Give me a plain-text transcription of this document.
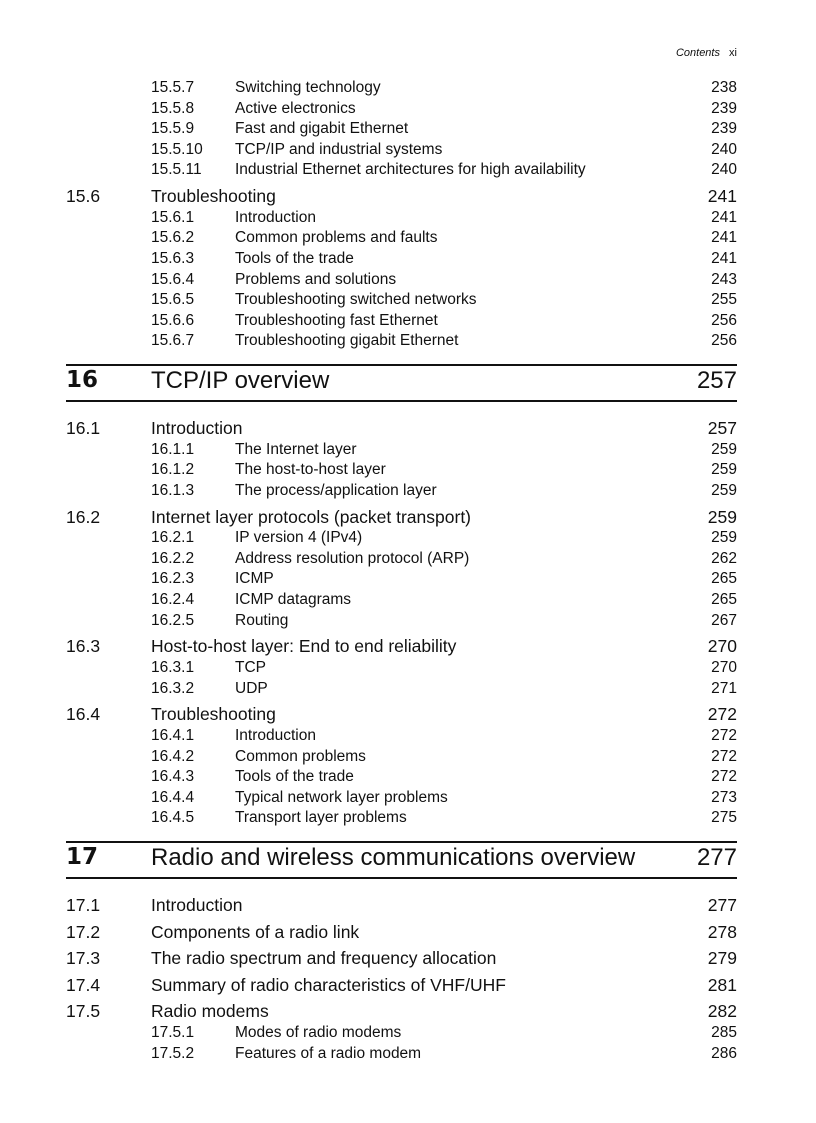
Contents xi
15.5.7	Switching technology	238
15.5.8	Active electronics	239
15.5.9	Fast and gigabit Ethernet	239
15.5.10 TCP/IP and industrial systems	240
15.5.11 Industrial Ethernet architectures for high availability	240
15.6	Troubleshooting	241
15.6.1	Introduction	241
15.6.2	Common problems and faults	241
15.6.3	Tools of the trade	241
15.6.4	Problems and solutions	243
15.6.5	Troubleshooting switched networks	255
15.6.6	Troubleshooting fast Ethernet	256
15.6.7	Troubleshooting gigabit Ethernet	256
16 TCP/IP overview	257
16.1	Introduction	257
16.1.1	The Internet layer	259
16.1.2	The host-to-host layer	259
16.1.3	The process/application layer	259
16.2	Internet layer protocols (packet transport)	259
16.2.1	IP version 4 (IPv4)	259
16.2.2	Address resolution protocol (ARP)	262
16.2.3	ICMP	265
16.2.4	ICMP datagrams	265
16.2.5	Routing	267
16.3	Host-to-host layer: End to end reliability	270
16.3.1	TCP	270
16.3.2	UDP	271
16.4	Troubleshooting	272
16.4.1	Introduction	272
16.4.2	Common problems	272
16.4.3	Tools of the trade	272
16.4.4	Typical network layer problems	273
16.4.5	Transport layer problems	275
17 Radio and wireless communications overview	277
17.1	Introduction	277
17.2	Components of a radio link	278
17.3	The radio spectrum and frequency allocation	279
17.4	Summary of radio characteristics of VHF/UHF	281
17.5	Radio modems	282
17.5.1	Modes of radio modems	285
17.5.2	Features of a radio modem	286
